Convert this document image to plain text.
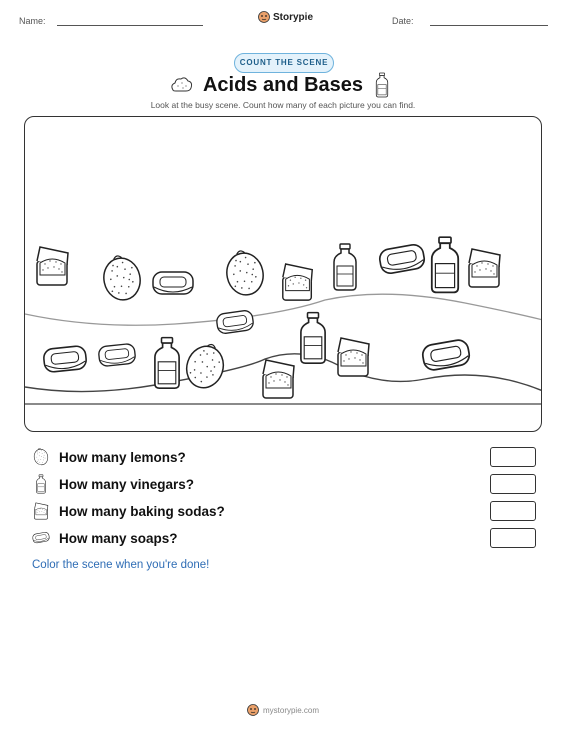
Name:	Storypie	Date:
COUNT THE SCENE
Acids and Bases
Look at the busy scene. Count how many of each picture you can find.
How many lemons?
How many vinegars?
How many baking sodas?
How many soaps?
Color the scene when you're done!
mystorypie.com
